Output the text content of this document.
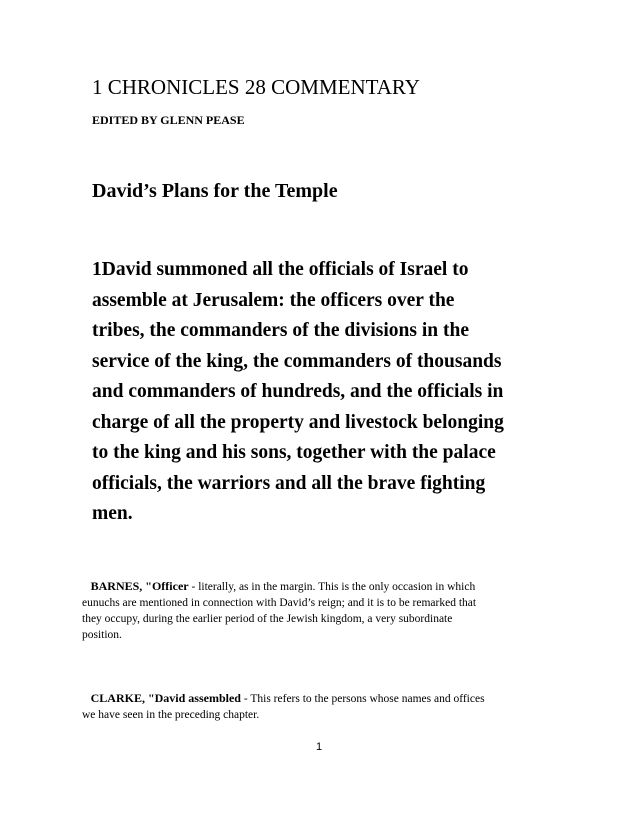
1 CHRONICLES 28 COMMENTARY
EDITED BY GLENN PEASE
David’s Plans for the Temple

1David summoned all the officials of Israel to
assemble at Jerusalem: the officers over the
tribes, the commanders of the divisions in the
service of the king, the commanders of thousands
and commanders of hundreds, and the officials in
charge of all the property and livestock belonging
to the king and his sons, together with the palace
officials, the warriors and all the brave fighting
men.

BARNES, "Officer - literally, as in the margin. This is the only occasion in which
eunuchs are mentioned in connection with David’s reign; and it is to be remarked that
they occupy, during the earlier period of the Jewish kingdom, a very subordinate
position.

CLARKE, "David assembled - This refers to the persons whose names and offices
we have seen in the preceding chapter.

1
